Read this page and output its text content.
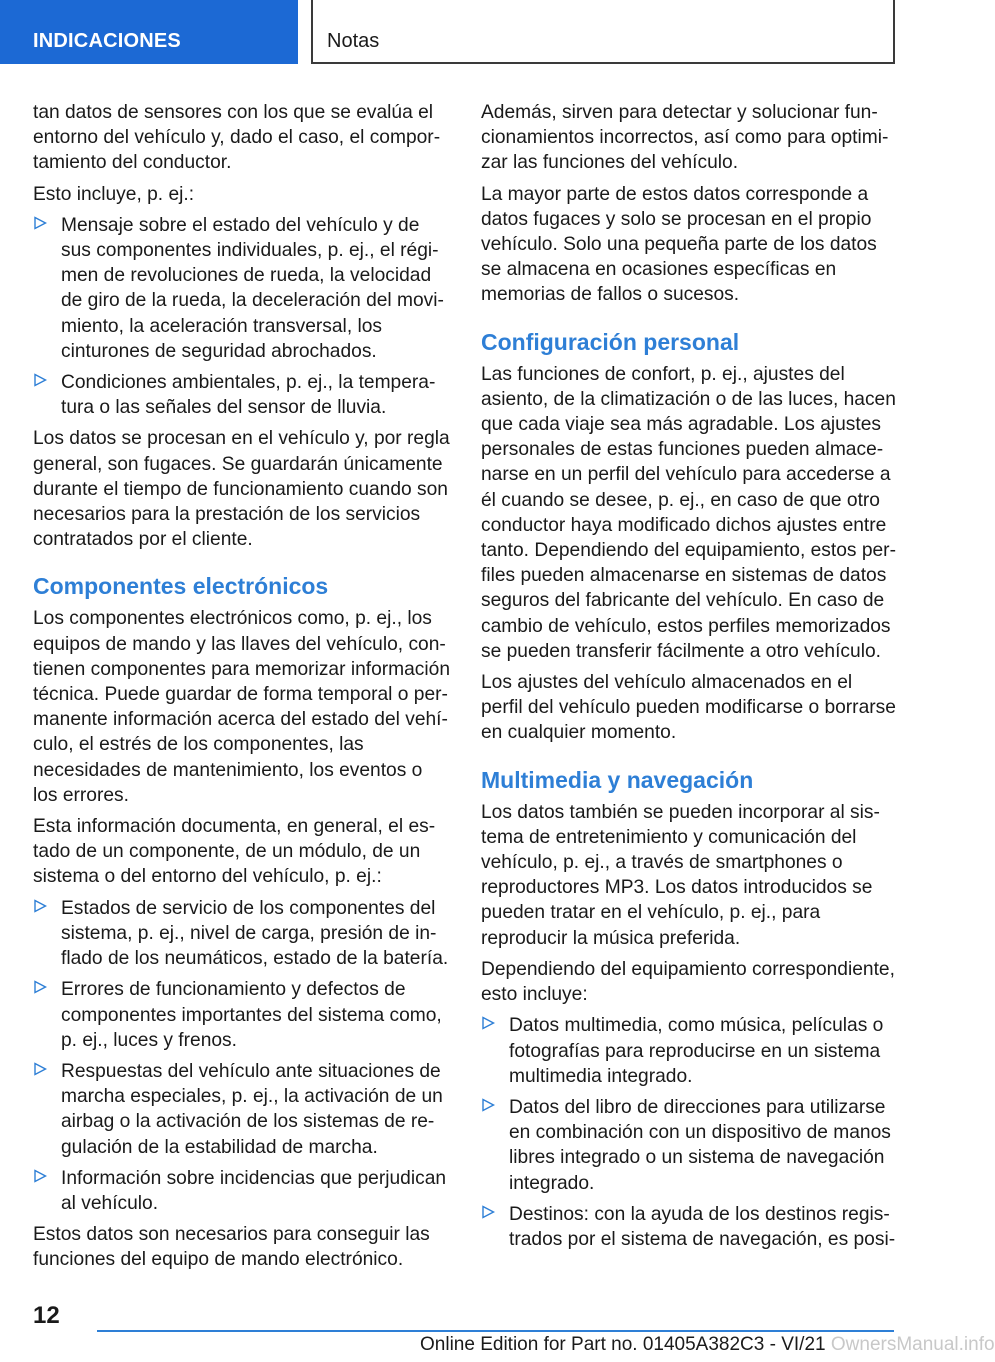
INDICACIONES	Notas

tan datos de sensores con los que se evalúa el entorno del vehículo y, dado el caso, el comportamiento del conductor.

Esto incluye, p. ej.:

Mensaje sobre el estado del vehículo y de sus componentes individuales, p. ej., el régimen de revoluciones de rueda, la velocidad de giro de la rueda, la deceleración del movimiento, la aceleración transversal, los cinturones de seguridad abrochados.
Condiciones ambientales, p. ej., la temperatura o las señales del sensor de lluvia.

Los datos se procesan en el vehículo y, por regla general, son fugaces. Se guardarán únicamente durante el tiempo de funcionamiento cuando son necesarios para la prestación de los servicios contratados por el cliente.

Componentes electrónicos

Los componentes electrónicos como, p. ej., los equipos de mando y las llaves del vehículo, contienen componentes para memorizar información técnica. Puede guardar de forma temporal o permanente información acerca del estado del vehículo, el estrés de los componentes, las necesidades de mantenimiento, los eventos o los errores.

Esta información documenta, en general, el estado de un componente, de un módulo, de un sistema o del entorno del vehículo, p. ej.:

Estados de servicio de los componentes del sistema, p. ej., nivel de carga, presión de inflado de los neumáticos, estado de la batería.
Errores de funcionamiento y defectos de componentes importantes del sistema como, p. ej., luces y frenos.
Respuestas del vehículo ante situaciones de marcha especiales, p. ej., la activación de un airbag o la activación de los sistemas de regulación de la estabilidad de marcha.
Información sobre incidencias que perjudican al vehículo.

Estos datos son necesarios para conseguir las funciones del equipo de mando electrónico.

Además, sirven para detectar y solucionar funcionamientos incorrectos, así como para optimizar las funciones del vehículo.

La mayor parte de estos datos corresponde a datos fugaces y solo se procesan en el propio vehículo. Solo una pequeña parte de los datos se almacena en ocasiones específicas en memorias de fallos o sucesos.

Configuración personal

Las funciones de confort, p. ej., ajustes del asiento, de la climatización o de las luces, hacen que cada viaje sea más agradable. Los ajustes personales de estas funciones pueden almacenarse en un perfil del vehículo para accederse a él cuando se desee, p. ej., en caso de que otro conductor haya modificado dichos ajustes entre tanto. Dependiendo del equipamiento, estos perfiles pueden almacenarse en sistemas de datos seguros del fabricante del vehículo. En caso de cambio de vehículo, estos perfiles memorizados se pueden transferir fácilmente a otro vehículo.

Los ajustes del vehículo almacenados en el perfil del vehículo pueden modificarse o borrarse en cualquier momento.

Multimedia y navegación

Los datos también se pueden incorporar al sistema de entretenimiento y comunicación del vehículo, p. ej., a través de smartphones o reproductores MP3. Los datos introducidos se pueden tratar en el vehículo, p. ej., para reproducir la música preferida.

Dependiendo del equipamiento correspondiente, esto incluye:

Datos multimedia, como música, películas o fotografías para reproducirse en un sistema multimedia integrado.
Datos del libro de direcciones para utilizarse en combinación con un dispositivo de manos libres integrado o un sistema de navegación integrado.
Destinos: con la ayuda de los destinos registrados por el sistema de navegación, es posi-
12
Online Edition for Part no. 01405A382C3 - VI/21 OwnersManual.info
